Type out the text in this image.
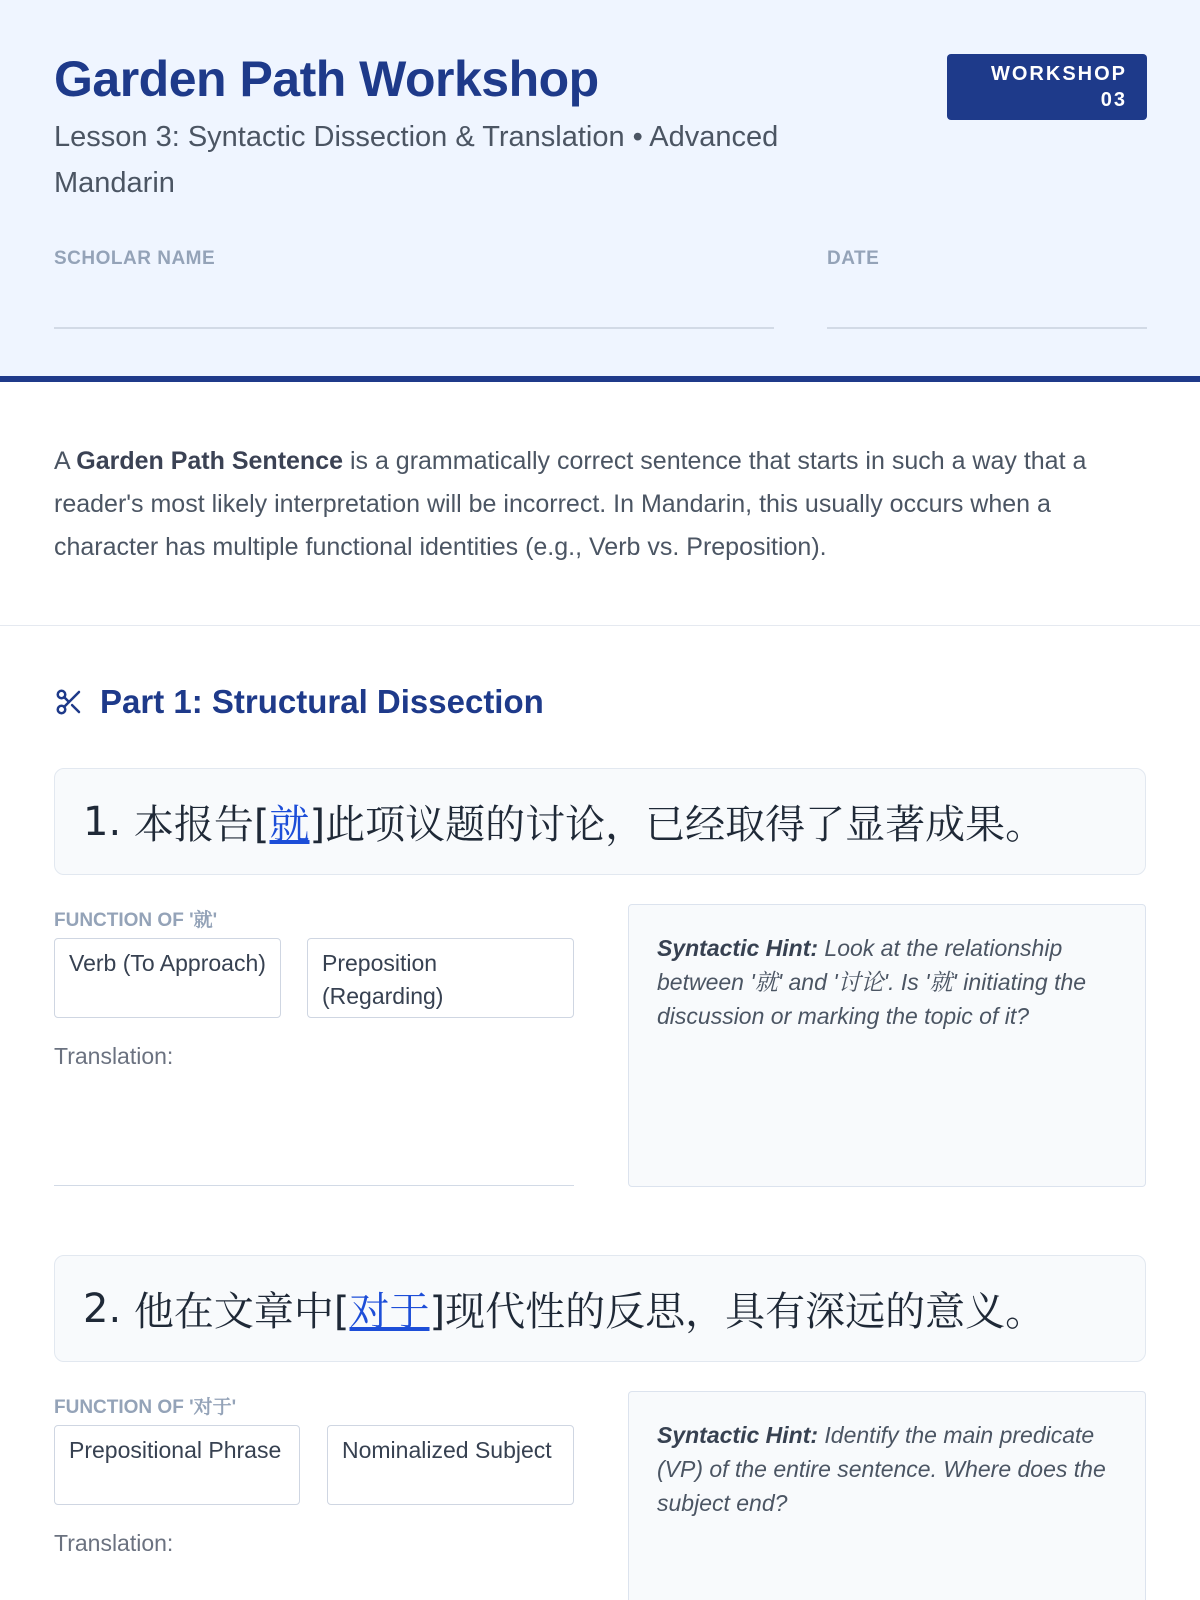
Garden Path Workshop
Lesson 3: Syntactic Dissection & Translation • Advanced Mandarin
WORKSHOP
03
SCHOLAR NAME	DATE
A Garden Path Sentence is a grammatically correct sentence that starts in such a way that a reader's most likely interpretation will be incorrect. In Mandarin, this usually occurs when a character has multiple functional identities (e.g., Verb vs. Preposition).
Part 1: Structural Dissection
1.
本报告[ 就 ]此项议题的讨论，已经取得了显著成果。
FUNCTION OF '就'
Verb (To Approach)	Preposition (Regarding)
Translation:
Syntactic Hint: Look at the relationship between '就' and '讨论'. Is '就' initiating the discussion or marking the topic of it?
2.
他在文章中[ 对于 ]现代性的反思，具有深远的意义。
FUNCTION OF '对于'
Prepositional Phrase	Nominalized Subject
Translation:
Syntactic Hint: Identify the main predicate (VP) of the entire sentence. Where does the subject end?
